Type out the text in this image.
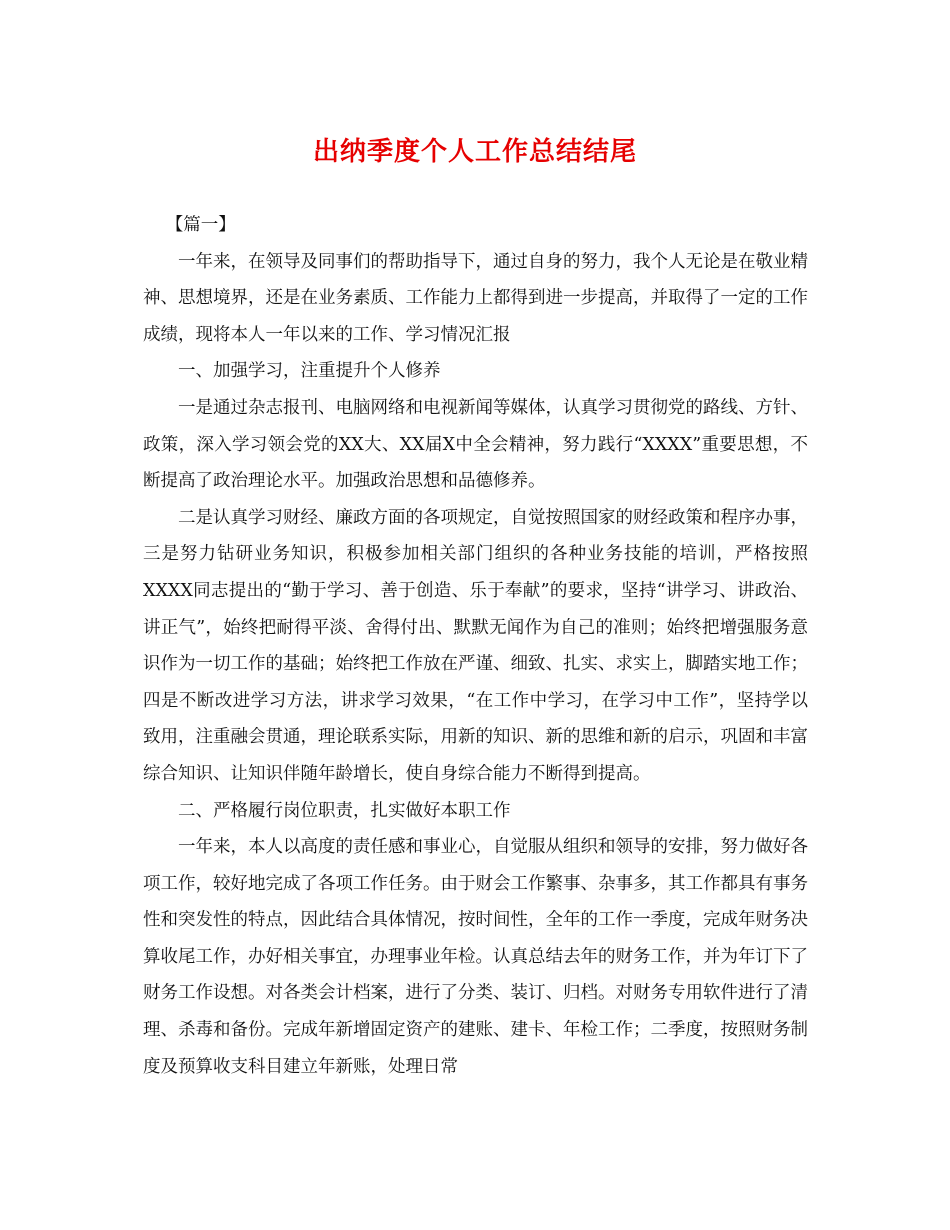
出纳季度个人工作总结结尾

【篇一】

一年来，在领导及同事们的帮助指导下，通过自身的努力，我个人无论是在敬业精神、思想境界，还是在业务素质、工作能力上都得到进一步提高，并取得了一定的工作成绩，现将本人一年以来的工作、学习情况汇报

一、加强学习，注重提升个人修养

一是通过杂志报刊、电脑网络和电视新闻等媒体，认真学习贯彻党的路线、方针、政策，深入学习领会党的XX大、XX届X中全会精神，努力践行“XXXX”重要思想，不断提高了政治理论水平。加强政治思想和品德修养。

二是认真学习财经、廉政方面的各项规定，自觉按照国家的财经政策和程序办事，三是努力钻研业务知识，积极参加相关部门组织的各种业务技能的培训，严格按照XXXX同志提出的“勤于学习、善于创造、乐于奉献”的要求，坚持“讲学习、讲政治、讲正气”，始终把耐得平淡、舍得付出、默默无闻作为自己的准则；始终把增强服务意识作为一切工作的基础；始终把工作放在严谨、细致、扎实、求实上，脚踏实地工作；四是不断改进学习方法，讲求学习效果，“在工作中学习，在学习中工作”，坚持学以致用，注重融会贯通，理论联系实际，用新的知识、新的思维和新的启示，巩固和丰富综合知识、让知识伴随年龄增长，使自身综合能力不断得到提高。

二、严格履行岗位职责，扎实做好本职工作

一年来，本人以高度的责任感和事业心，自觉服从组织和领导的安排，努力做好各项工作，较好地完成了各项工作任务。由于财会工作繁事、杂事多，其工作都具有事务性和突发性的特点，因此结合具体情况，按时间性，全年的工作一季度，完成年财务决算收尾工作，办好相关事宜，办理事业年检。认真总结去年的财务工作，并为年订下了财务工作设想。对各类会计档案，进行了分类、装订、归档。对财务专用软件进行了清理、杀毒和备份。完成年新增固定资产的建账、建卡、年检工作；二季度，按照财务制度及预算收支科目建立年新账，处理日常
